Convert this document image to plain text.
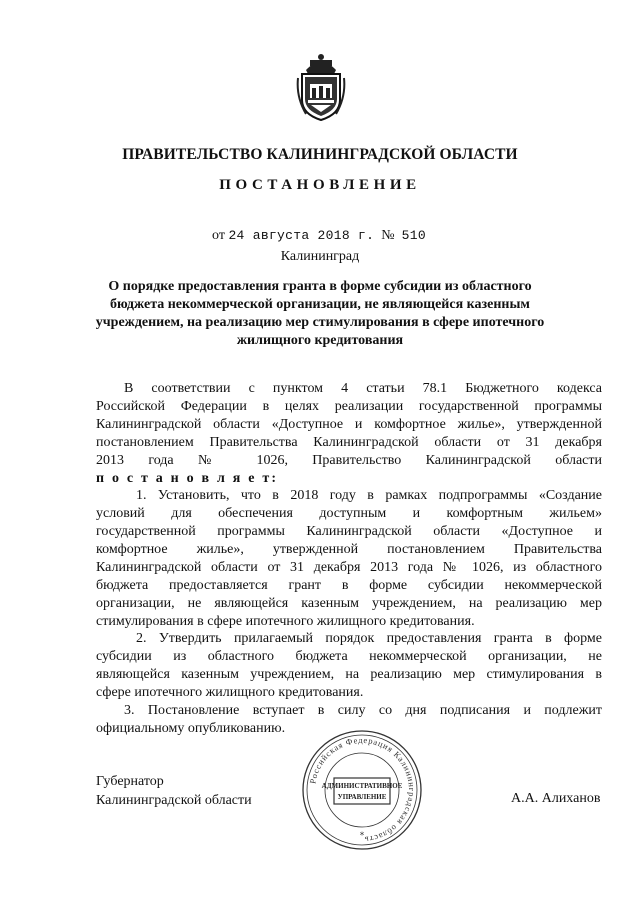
ПРАВИТЕЛЬСТВО КАЛИНИНГРАДСКОЙ ОБЛАСТИ
ПОСТАНОВЛЕНИЕ
от 24 августа 2018 г. № 510
Калининград
О порядке предоставления гранта в форме субсидии из областного
бюджета некоммерческой организации, не являющейся казенным
учреждением, на реализацию мер стимулирования в сфере ипотечного
жилищного кредитования
В соответствии с пунктом 4 статьи 78.1 Бюджетного кодекса
Российской Федерации в целях реализации государственной программы
Калининградской области «Доступное и комфортное жилье», утвержденной
постановлением Правительства Калининградской области от 31 декабря
2013 года № 1026, Правительство Калининградской области
п о с т а н о в л я е т:
1. Установить, что в 2018 году в рамках подпрограммы «Создание
условий для обеспечения доступным и комфортным жильем»
государственной программы Калининградской области «Доступное и
комфортное жилье», утвержденной постановлением Правительства
Калининградской области от 31 декабря 2013 года № 1026, из областного
бюджета предоставляется грант в форме субсидии некоммерческой
организации, не являющейся казенным учреждением, на реализацию мер
стимулирования в сфере ипотечного жилищного кредитования.
2. Утвердить прилагаемый порядок предоставления гранта в форме
субсидии из областного бюджета некоммерческой организации, не
являющейся казенным учреждением, на реализацию мер стимулирования в
сфере ипотечного жилищного кредитования.
3. Постановление вступает в силу со дня подписания и подлежит
официальному опубликованию.
Губернатор
Калининградской области	А.А. Алиханов
Российская Федерация Калининградская область
АДМИНИСТРАТИВНОЕ
УПРАВЛЕНИЕ
*
